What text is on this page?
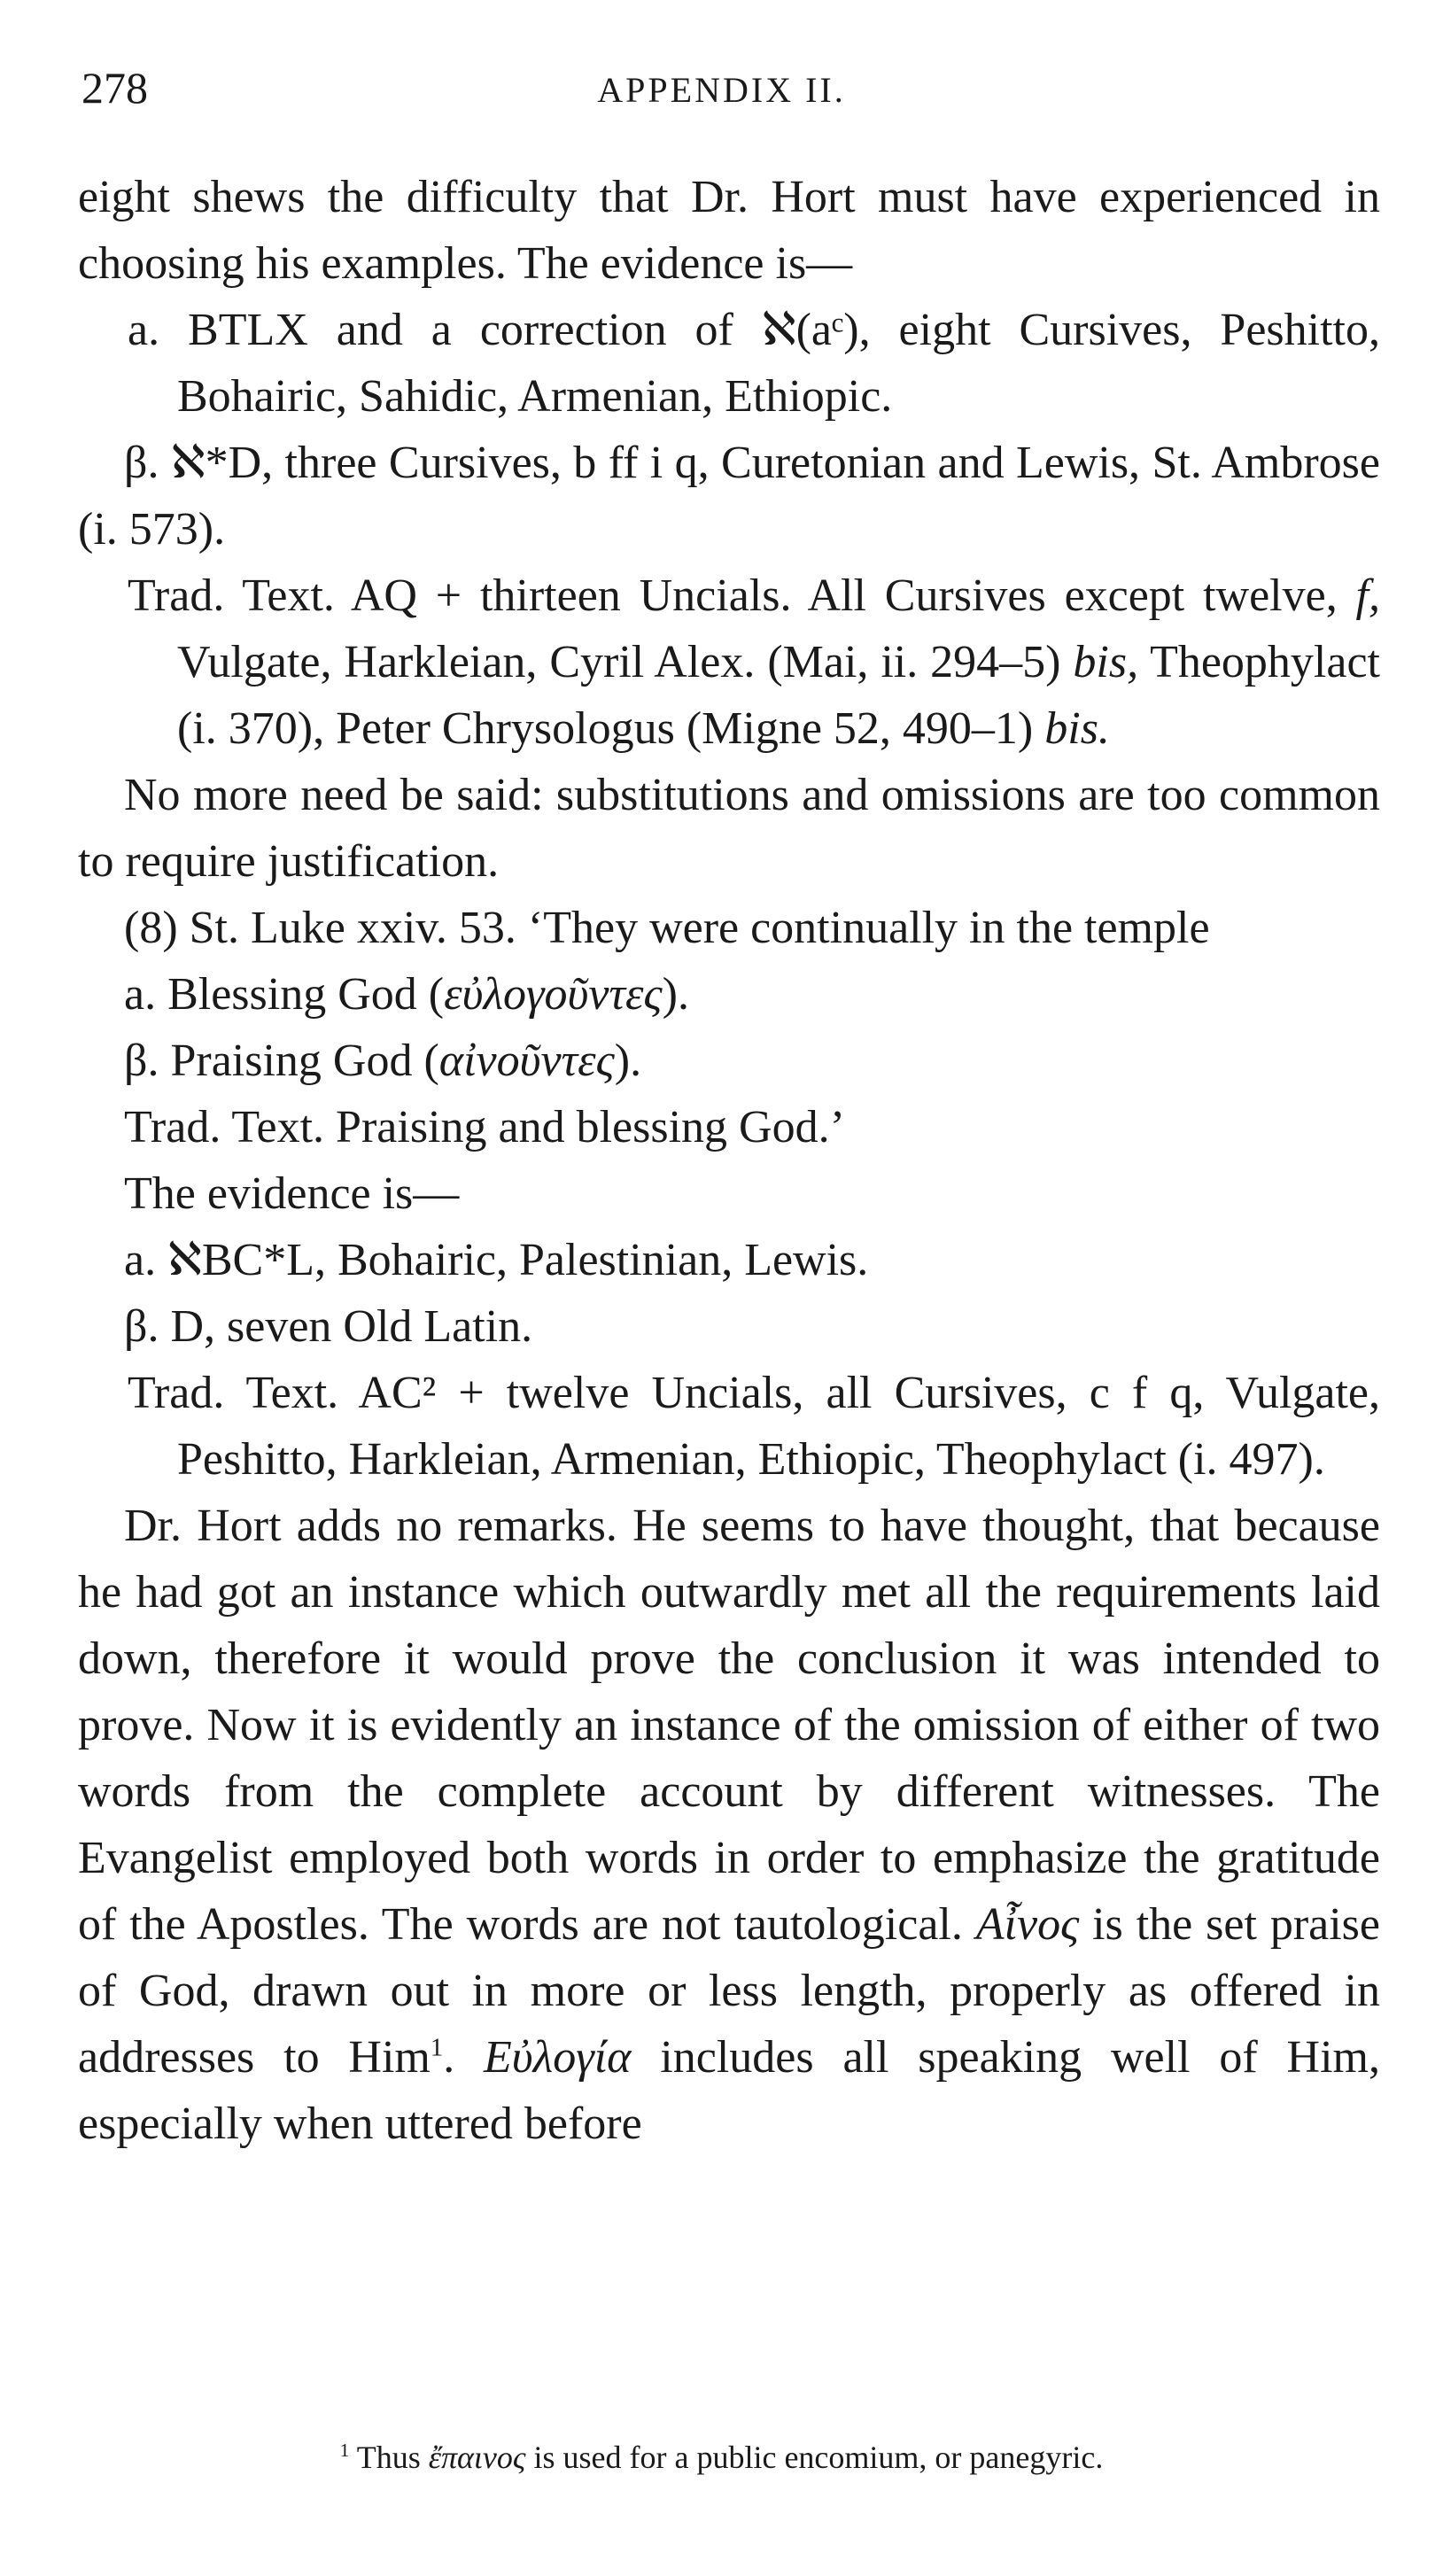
278	APPENDIX II.

eight shews the difficulty that Dr. Hort must have experienced in choosing his examples. The evidence is—

a. BTLX and a correction of ℵ(aᶜ), eight Cursives, Peshitto, Bohairic, Sahidic, Armenian, Ethiopic.

β. ℵ*D, three Cursives, b ff i q, Curetonian and Lewis, St. Ambrose (i. 573).

Trad. Text. AQ + thirteen Uncials. All Cursives except twelve, f, Vulgate, Harkleian, Cyril Alex. (Mai, ii. 294–5) bis, Theophylact (i. 370), Peter Chrysologus (Migne 52, 490–1) bis.

No more need be said: substitutions and omissions are too common to require justification.

(8) St. Luke xxiv. 53. ‘They were continually in the temple

a. Blessing God (εὐλογοῦντες).

β. Praising God (αἰνοῦντες).

Trad. Text. Praising and blessing God.’

The evidence is—

a. ℵBC*L, Bohairic, Palestinian, Lewis.

β. D, seven Old Latin.

Trad. Text. AC² + twelve Uncials, all Cursives, c f q, Vulgate, Peshitto, Harkleian, Armenian, Ethiopic, Theophylact (i. 497).

Dr. Hort adds no remarks. He seems to have thought, that because he had got an instance which outwardly met all the requirements laid down, therefore it would prove the conclusion it was intended to prove. Now it is evidently an instance of the omission of either of two words from the complete account by different witnesses. The Evangelist employed both words in order to emphasize the gratitude of the Apostles. The words are not tautological. Αἶνος is the set praise of God, drawn out in more or less length, properly as offered in addresses to Him$^1$. Εὐλογία includes all speaking well of Him, especially when uttered before

$^1$ Thus ἔπαινος is used for a public encomium, or panegyric.
